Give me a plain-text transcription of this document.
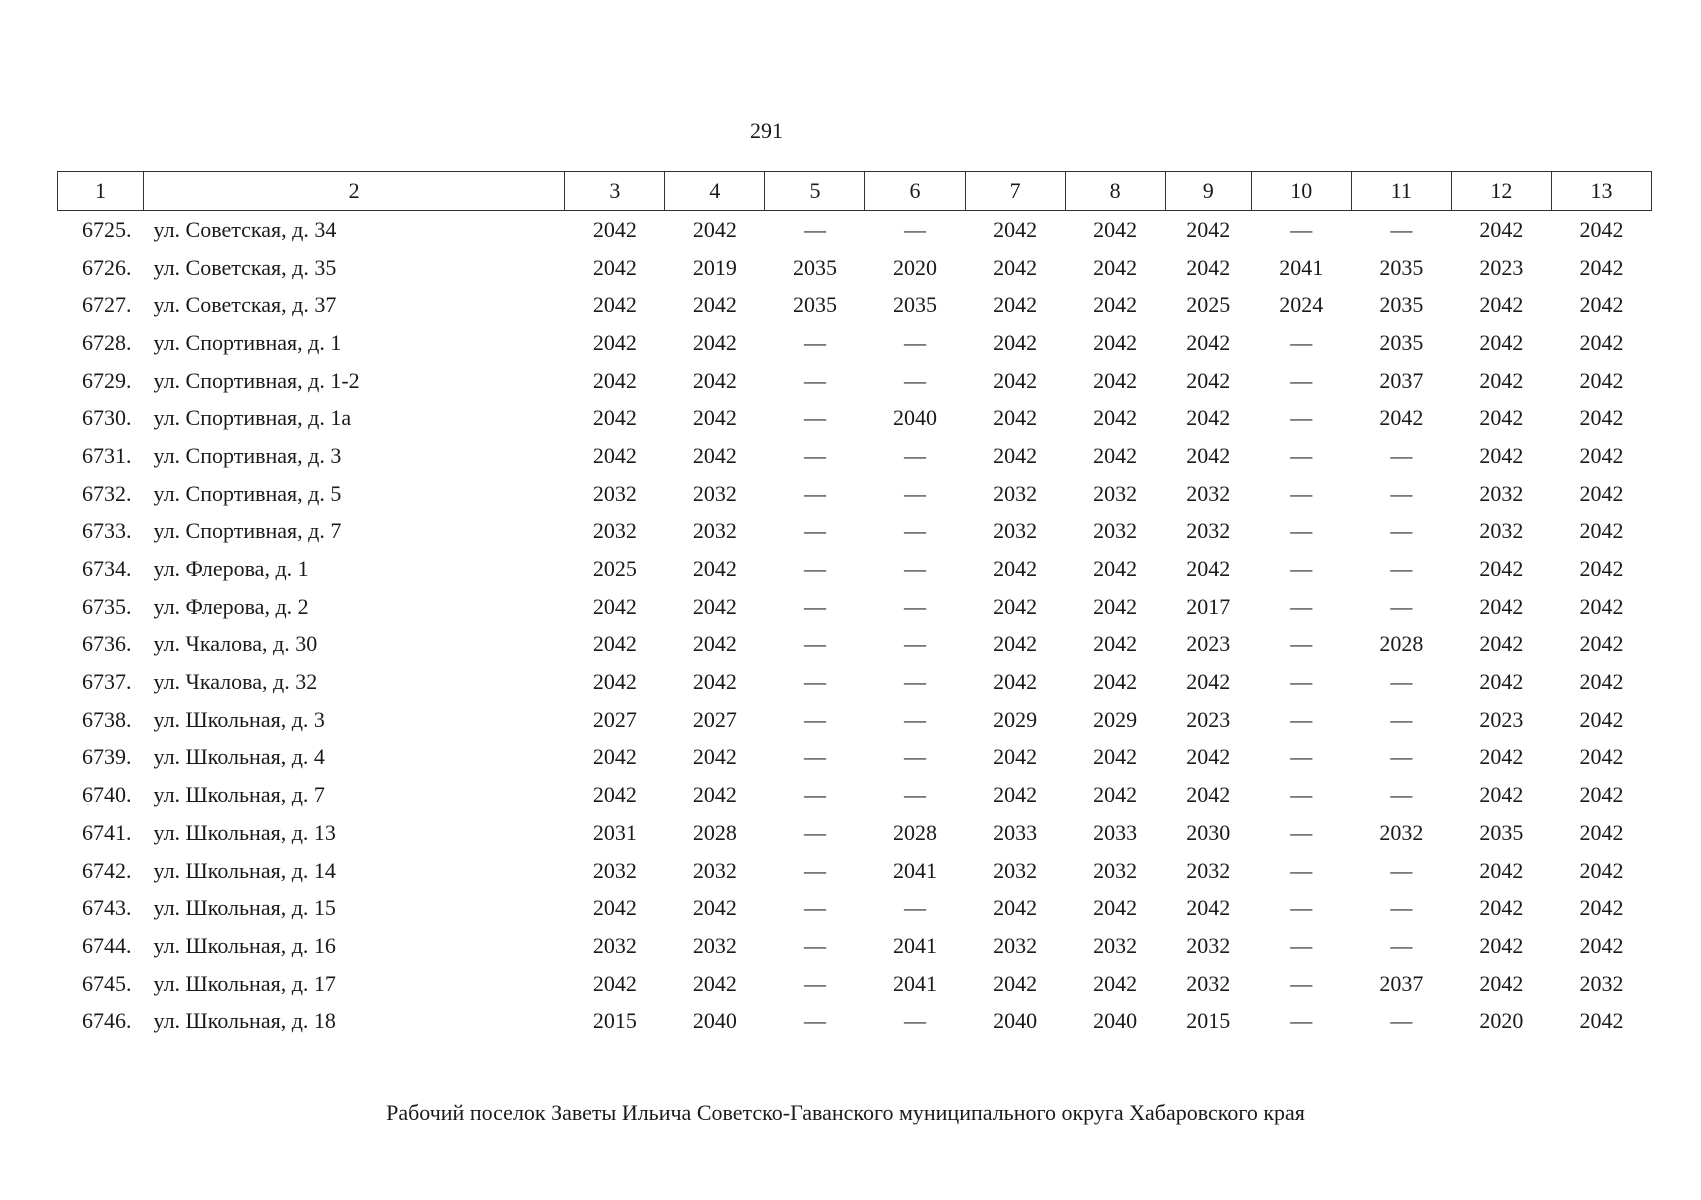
291
1	2	3	4	5	6	7	8	9	10	11	12	13
6725.	ул. Советская, д. 34	2042	2042	—	—	2042	2042	2042	—	—	2042	2042
6726.	ул. Советская, д. 35	2042	2019	2035	2020	2042	2042	2042	2041	2035	2023	2042
6727.	ул. Советская, д. 37	2042	2042	2035	2035	2042	2042	2025	2024	2035	2042	2042
6728.	ул. Спортивная, д. 1	2042	2042	—	—	2042	2042	2042	—	2035	2042	2042
6729.	ул. Спортивная, д. 1-2	2042	2042	—	—	2042	2042	2042	—	2037	2042	2042
6730.	ул. Спортивная, д. 1а	2042	2042	—	2040	2042	2042	2042	—	2042	2042	2042
6731.	ул. Спортивная, д. 3	2042	2042	—	—	2042	2042	2042	—	—	2042	2042
6732.	ул. Спортивная, д. 5	2032	2032	—	—	2032	2032	2032	—	—	2032	2042
6733.	ул. Спортивная, д. 7	2032	2032	—	—	2032	2032	2032	—	—	2032	2042
6734.	ул. Флерова, д. 1	2025	2042	—	—	2042	2042	2042	—	—	2042	2042
6735.	ул. Флерова, д. 2	2042	2042	—	—	2042	2042	2017	—	—	2042	2042
6736.	ул. Чкалова, д. 30	2042	2042	—	—	2042	2042	2023	—	2028	2042	2042
6737.	ул. Чкалова, д. 32	2042	2042	—	—	2042	2042	2042	—	—	2042	2042
6738.	ул. Школьная, д. 3	2027	2027	—	—	2029	2029	2023	—	—	2023	2042
6739.	ул. Школьная, д. 4	2042	2042	—	—	2042	2042	2042	—	—	2042	2042
6740.	ул. Школьная, д. 7	2042	2042	—	—	2042	2042	2042	—	—	2042	2042
6741.	ул. Школьная, д. 13	2031	2028	—	2028	2033	2033	2030	—	2032	2035	2042
6742.	ул. Школьная, д. 14	2032	2032	—	2041	2032	2032	2032	—	—	2042	2042
6743.	ул. Школьная, д. 15	2042	2042	—	—	2042	2042	2042	—	—	2042	2042
6744.	ул. Школьная, д. 16	2032	2032	—	2041	2032	2032	2032	—	—	2042	2042
6745.	ул. Школьная, д. 17	2042	2042	—	2041	2042	2042	2032	—	2037	2042	2032
6746.	ул. Школьная, д. 18	2015	2040	—	—	2040	2040	2015	—	—	2020	2042
Рабочий поселок Заветы Ильича Советско-Гаванского муниципального округа Хабаровского края
